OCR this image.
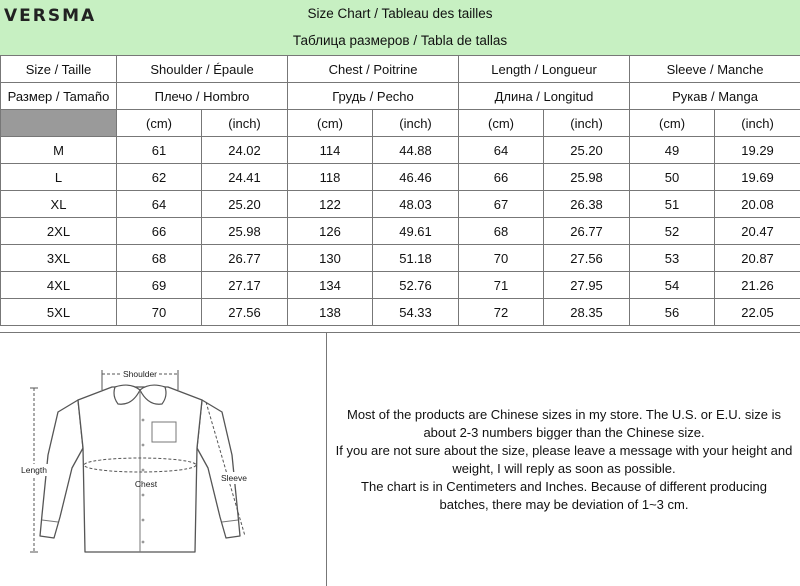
VERSMA	Size Chart / Tableau des tailles
Таблица размеров / Tabla de tallas
Size / Taille	Shoulder / Épaule		Chest / Poitrine		Length / Longueur		Sleeve / Manche	
Размер / Tamaño	Плечо / Hombro		Грудь / Pecho		Длина / Longitud		Рукав / Manga	
	(cm)	(inch)	(cm)	(inch)	(cm)	(inch)	(cm)	(inch)
M	61	24.02	114	44.88	64	25.20	49	19.29
L	62	24.41	118	46.46	66	25.98	50	19.69
XL	64	25.20	122	48.03	67	26.38	51	20.08
2XL	66	25.98	126	49.61	68	26.77	52	20.47
3XL	68	26.77	130	51.18	70	27.56	53	20.87
4XL	69	27.17	134	52.76	71	27.95	54	21.26
5XL	70	27.56	138	54.33	72	28.35	56	22.05
Shoulder
Chest
Length
Sleeve

Most of the products are Chinese sizes in my store. The U.S. or E.U. size is

about 2-3 numbers bigger than the Chinese size.

If you are not sure about the size, please leave a message with your height and

weight, I will reply as soon as possible.

The chart is in Centimeters and Inches. Because of different producing

batches, there may be deviation of 1~3 cm.
